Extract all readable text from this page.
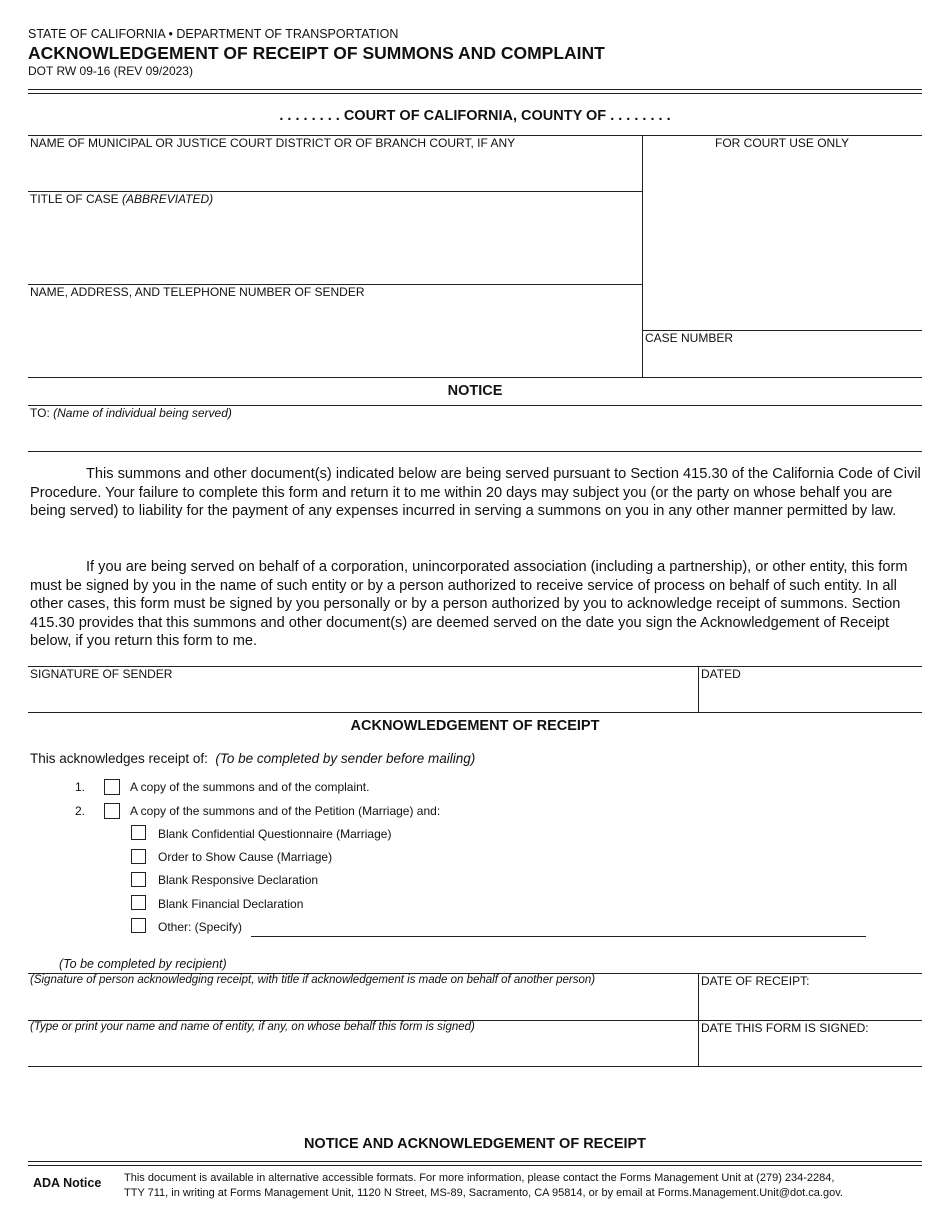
STATE OF CALIFORNIA • DEPARTMENT OF TRANSPORTATION
ACKNOWLEDGEMENT OF RECEIPT OF SUMMONS AND COMPLAINT
DOT RW 09-16 (REV 09/2023)
. . . . . . . . COURT OF CALIFORNIA, COUNTY OF . . . . . . . .
NAME OF MUNICIPAL OR JUSTICE COURT DISTRICT OR OF BRANCH COURT, IF ANY	FOR COURT USE ONLY
TITLE OF CASE (ABBREVIATED)
NAME, ADDRESS, AND TELEPHONE NUMBER OF SENDER
CASE NUMBER
NOTICE
TO: (Name of individual being served)
This summons and other document(s) indicated below are being served pursuant to Section 415.30 of the California Code of Civil Procedure. Your failure to complete this form and return it to me within 20 days may subject you (or the party on whose behalf you are being served) to liability for the payment of any expenses incurred in serving a summons on you in any other manner permitted by law.
If you are being served on behalf of a corporation, unincorporated association (including a partnership), or other entity, this form must be signed by you in the name of such entity or by a person authorized to receive service of process on behalf of such entity. In all other cases, this form must be signed by you personally or by a person authorized by you to acknowledge receipt of summons. Section 415.30 provides that this summons and other document(s) are deemed served on the date you sign the Acknowledgement of Receipt below, if you return this form to me.
SIGNATURE OF SENDER	DATED
ACKNOWLEDGEMENT OF RECEIPT
This acknowledges receipt of: (To be completed by sender before mailing)
1.	A copy of the summons and of the complaint.
2.	A copy of the summons and of the Petition (Marriage) and:
Blank Confidential Questionnaire (Marriage)
Order to Show Cause (Marriage)
Blank Responsive Declaration
Blank Financial Declaration
Other: (Specify)
(To be completed by recipient)
(Signature of person acknowledging receipt, with title if acknowledgement is made on behalf of another person)	DATE OF RECEIPT:
(Type or print your name and name of entity, if any, on whose behalf this form is signed)	DATE THIS FORM IS SIGNED:
NOTICE AND ACKNOWLEDGEMENT OF RECEIPT
ADA Notice This document is available in alternative accessible formats. For more information, please contact the Forms Management Unit at (279) 234-2284,
TTY 711, in writing at Forms Management Unit, 1120 N Street, MS-89, Sacramento, CA 95814, or by email at Forms.Management.Unit@dot.ca.gov.
